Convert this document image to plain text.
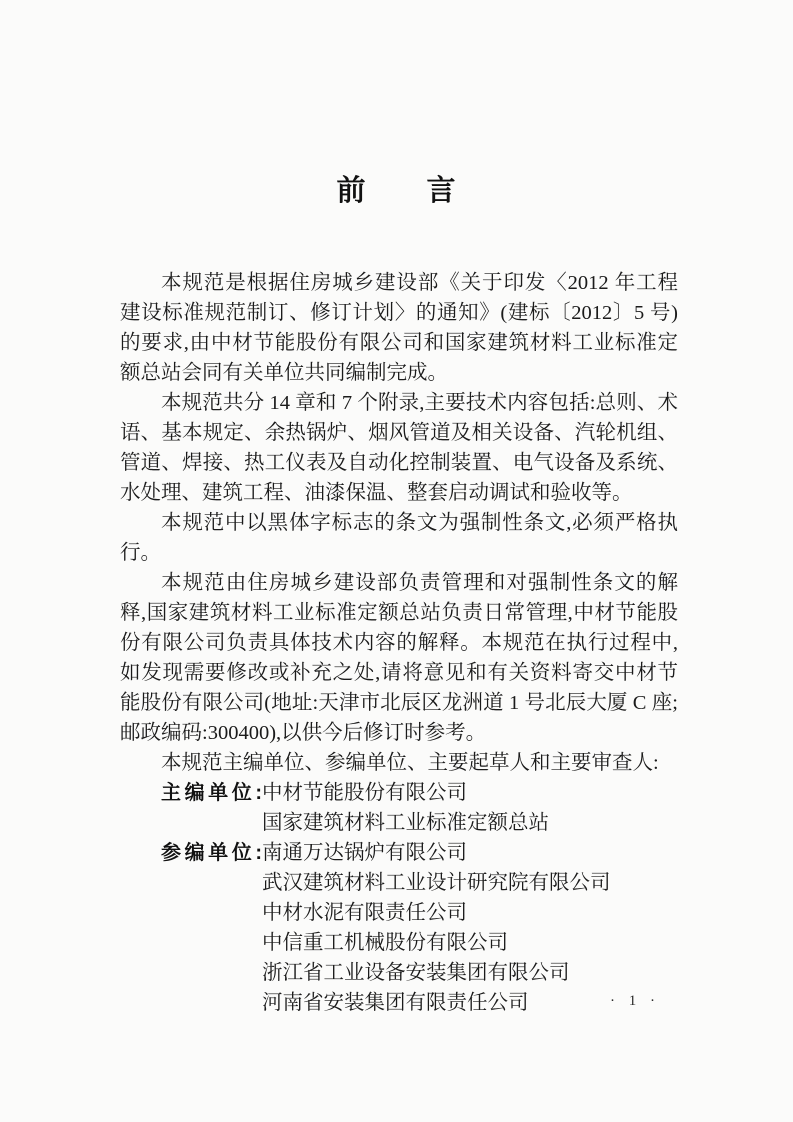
前　　言

本规范是根据住房城乡建设部《关于印发〈2012 年工程建设标准规范制订、修订计划〉的通知》(建标〔2012〕5 号)的要求,由中材节能股份有限公司和国家建筑材料工业标准定额总站会同有关单位共同编制完成。

本规范共分 14 章和 7 个附录,主要技术内容包括:总则、术语、基本规定、余热锅炉、烟风管道及相关设备、汽轮机组、管道、焊接、热工仪表及自动化控制装置、电气设备及系统、水处理、建筑工程、油漆保温、整套启动调试和验收等。

本规范中以黑体字标志的条文为强制性条文,必须严格执行。

本规范由住房城乡建设部负责管理和对强制性条文的解释,国家建筑材料工业标准定额总站负责日常管理,中材节能股份有限公司负责具体技术内容的解释。本规范在执行过程中,如发现需要修改或补充之处,请将意见和有关资料寄交中材节能股份有限公司(地址:天津市北辰区龙洲道 1 号北辰大厦 C 座;邮政编码:300400),以供今后修订时参考。

本规范主编单位、参编单位、主要起草人和主要审查人:

主编单位: 中材节能股份有限公司
国家建筑材料工业标准定额总站
参编单位: 南通万达锅炉有限公司
武汉建筑材料工业设计研究院有限公司
中材水泥有限责任公司
中信重工机械股份有限公司
浙江省工业设备安装集团有限公司
河南省安装集团有限责任公司	· 1 ·
